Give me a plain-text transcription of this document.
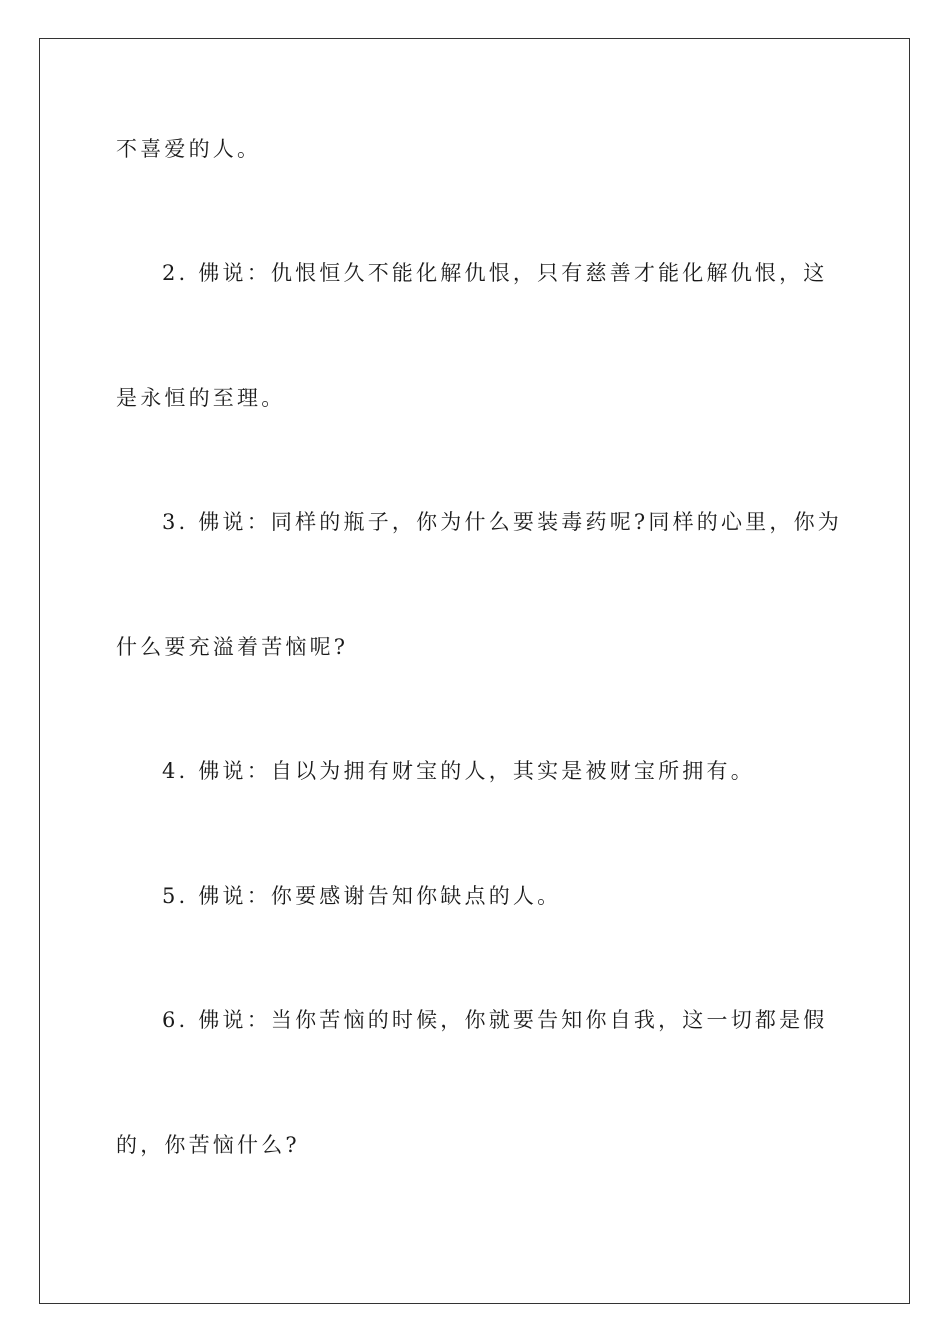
不喜爱的人。
2. 佛说：仇恨恒久不能化解仇恨，只有慈善才能化解仇恨，这
是永恒的至理。
3. 佛说：同样的瓶子，你为什么要装毒药呢?同样的心里，你为
什么要充溢着苦恼呢?
4. 佛说：自以为拥有财宝的人，其实是被财宝所拥有。
5. 佛说：你要感谢告知你缺点的人。
6. 佛说：当你苦恼的时候，你就要告知你自我，这一切都是假
的，你苦恼什么?
